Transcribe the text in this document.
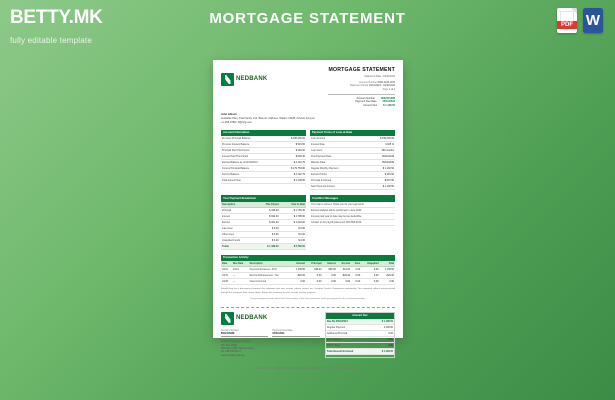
BETTY.MK
fully editable template
MORTGAGE STATEMENT	PDF W
NEDBANK
MORTGAGE STATEMENT
Statement Date : 04/30/2024
Account Number 8000-2245-1183
Statement Period 04/01/2024 - 04/30/2024
Page 1 of 1
Account Number 8002415088
Payment Due Date 05/01/2024
Amount Due $ 1,138.50
John Gibson
Available Plan, Trail Family 142, Blue Av. Address, Waters 21185, Advisor Kenyon
+1-458-9788 / 8@mfg.com
Account Information
Previous Principal Balance	$ 180,200.00
Previous Interest Balance	$ 901.50
Principal Paid This Period	$ 446.20
Interest Paid This Period	$ 692.30
Escrow Balance as of 04/30/2024	$ 2,140.75
Current Principal Balance	$ 179,753.80
Escrow Balance	$ 2,140.75
Total Amount Due	$ 1,138.50
Payment Terms of Loan at Data
Loan Amount	$ 195,000.00
Interest Rate	4.625 %
Loan Term	360 months
First Payment Date	06/01/2019
Maturity Date	05/01/2049
Regular Monthly Payment	$ 1,138.50
Escrow Portion	$ 301.00
Principal & Interest	$ 837.50
Next Payment Amount	$ 1,138.50
Your Payment Breakdown
Description	This Period	Year to Date
Principal	$ 446.20	$ 1,760.40
Interest	$ 692.30	$ 2,795.60
Escrow	$ 301.00	$ 1,204.00
Late Fees	$ 0.00	$ 0.00
Other Fees	$ 0.00	$ 0.00
Unapplied Funds	$ 0.00	$ 0.00
Totals	$ 1,439.50	$ 5,760.00
Condition Messages
Your loan is current. Thank you for your payments.
Escrow analysis will be performed in June 2024.
Interest paid year to date may be tax deductible.
Contact us for payoff quotes at 1-800-555-0134.
Transaction Activity
Date	Due Date	Description	Amount	Principal	Interest	Escrow	Fees	Unapplied	Total
04/01	04/01	Payment Received - ACH	1,138.50	446.20	692.30	301.00	0.00	0.00	1,138.50
04/15	—	Escrow Disbursement - Tax	-820.00	0.00	0.00	-820.00	0.00	0.00	-820.00
04/28	—	Interest Accrual	0.00	0.00	0.00	0.00	0.00	0.00	0.00
Should there be a discrepancy between this statement and your records, please contact our Customer Service Department immediately. This statement reflects activity posted through the statement date shown above. Retain this statement for your records and tax purposes.
For your payment credit, detach the lower portion of this form and return it with your payment in the enclosed envelope.
NEDBANK
Account Number
8002415088
Payment Due Date
05/01/2024
Nedbank Mortgage Services
P.O. Box 41820
Riverside 21185, Waters Kenyon
Tel 1-800-555-0134
www.nedbank.example
Amount Due
Due By 05/01/2024	$ 1,138.50
Regular Payment	1,138.50
Additional Principal	0.00
Late Charges	0.00
Other / Fees	0.00
Total Amount Enclosed	$ 1,138.50
NEDBANK IS A REGISTERED LENDER. MEMBER FDIC. EQUAL HOUSING LENDER.
